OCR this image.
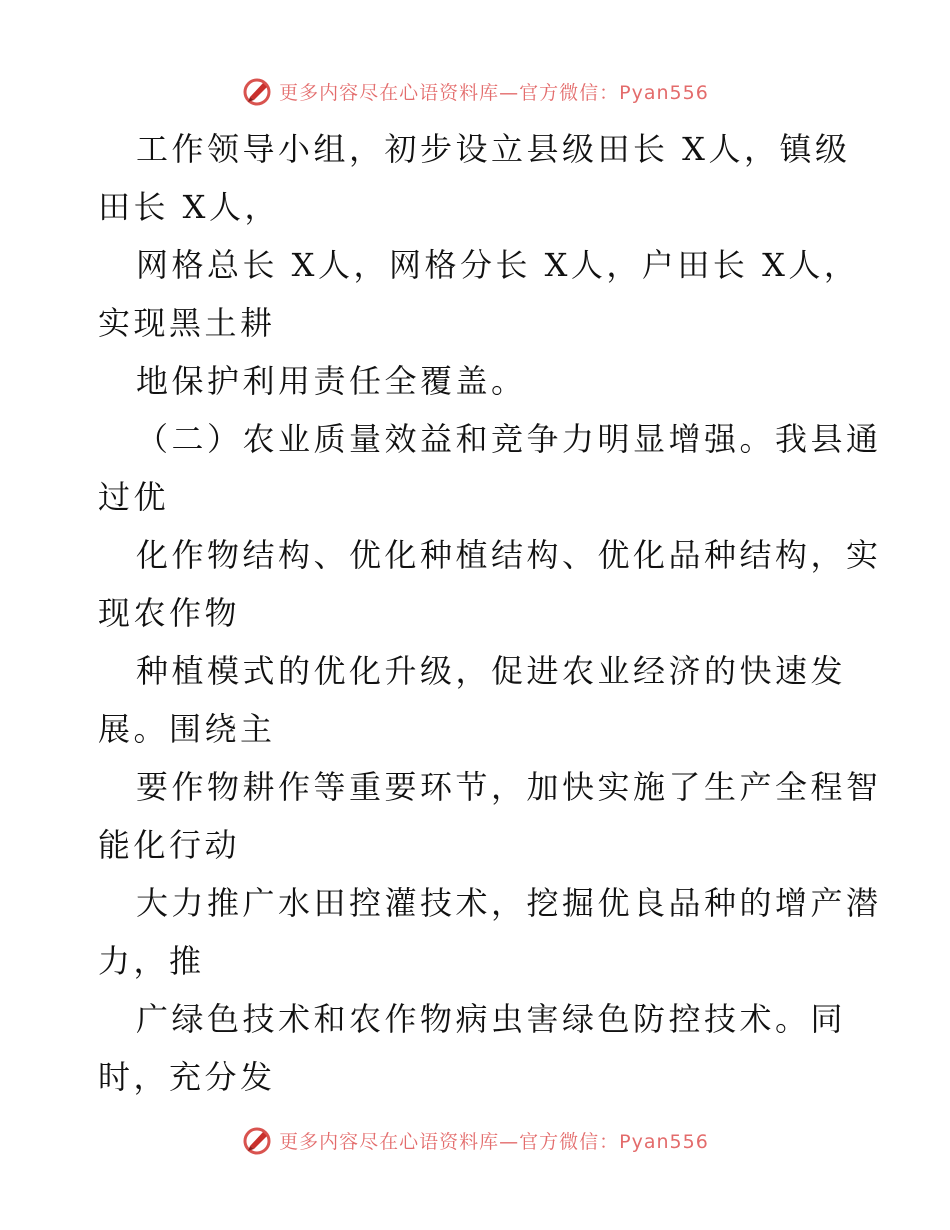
更多内容尽在心语资料库—官方微信：Pyan556
工作领导小组，初步设立县级田长 X人，镇级
田长 X人，
网格总长 X人，网格分长 X人，户田长 X人，
实现黑土耕
地保护利用责任全覆盖。
（二）农业质量效益和竞争力明显增强。我县通
过优
化作物结构、优化种植结构、优化品种结构，实
现农作物
种植模式的优化升级，促进农业经济的快速发
展。围绕主
要作物耕作等重要环节，加快实施了生产全程智
能化行动
大力推广水田控灌技术，挖掘优良品种的增产潜
力，推
广绿色技术和农作物病虫害绿色防控技术。同
时，充分发
更多内容尽在心语资料库—官方微信：Pyan556
